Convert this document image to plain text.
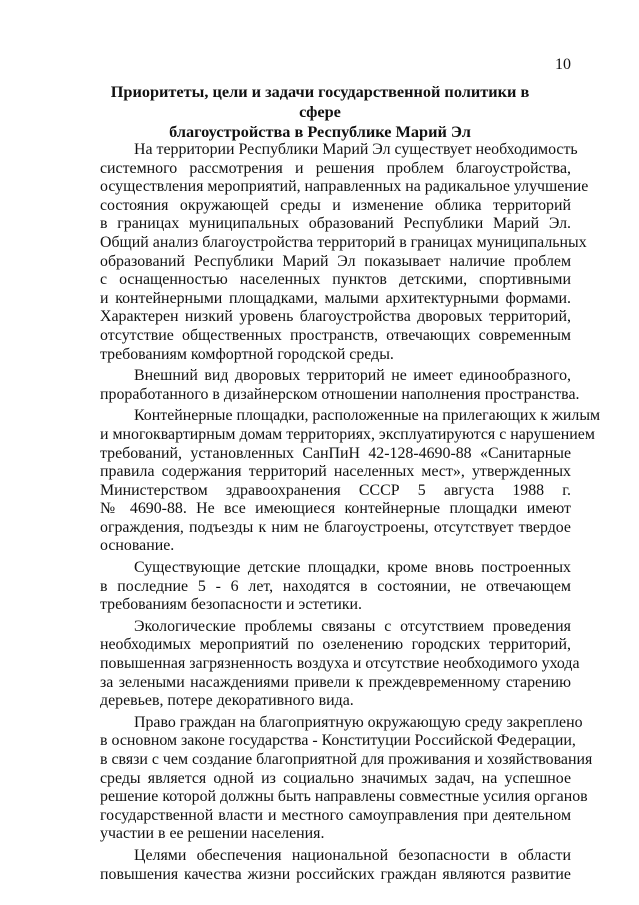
10
Приоритеты, цели и задачи государственной политики в сфере
благоустройства в Республике Марий Эл
На территории Республики Марий Эл существует необходимость
системного рассмотрения и решения проблем благоустройства,
осуществления мероприятий, направленных на радикальное улучшение
состояния окружающей среды и изменение облика территорий
в границах муниципальных образований Республики Марий Эл.
Общий анализ благоустройства территорий в границах муниципальных
образований Республики Марий Эл показывает наличие проблем
с оснащенностью населенных пунктов детскими, спортивными
и контейнерными площадками, малыми архитектурными формами.
Характерен низкий уровень благоустройства дворовых территорий,
отсутствие общественных пространств, отвечающих современным
требованиям комфортной городской среды.
Внешний вид дворовых территорий не имеет единообразного,
проработанного в дизайнерском отношении наполнения пространства.
Контейнерные площадки, расположенные на прилегающих к жилым
и многоквартирным домам территориях, эксплуатируются с нарушением
требований, установленных СанПиН 42-128-4690-88 «Санитарные
правила содержания территорий населенных мест», утвержденных
Министерством здравоохранения СССР 5 августа 1988 г.
№ 4690-88. Не все имеющиеся контейнерные площадки имеют
ограждения, подъезды к ним не благоустроены, отсутствует твердое
основание.
Существующие детские площадки, кроме вновь построенных
в последние 5 - 6 лет, находятся в состоянии, не отвечающем
требованиям безопасности и эстетики.
Экологические проблемы связаны с отсутствием проведения
необходимых мероприятий по озеленению городских территорий,
повышенная загрязненность воздуха и отсутствие необходимого ухода
за зелеными насаждениями привели к преждевременному старению
деревьев, потере декоративного вида.
Право граждан на благоприятную окружающую среду закреплено
в основном законе государства - Конституции Российской Федерации,
в связи с чем создание благоприятной для проживания и хозяйствования
среды является одной из социально значимых задач, на успешное
решение которой должны быть направлены совместные усилия органов
государственной власти и местного самоуправления при деятельном
участии в ее решении населения.
Целями обеспечения национальной безопасности в области
повышения качества жизни российских граждан являются развитие
